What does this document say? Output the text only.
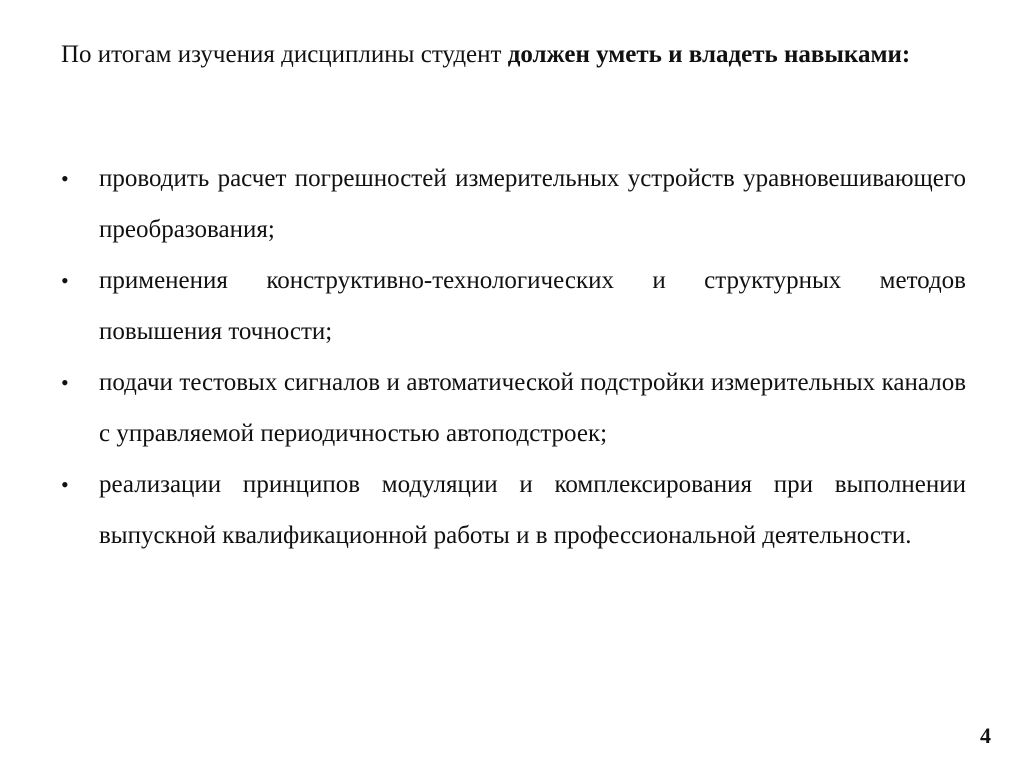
По итогам изучения дисциплины студент должен уметь и владеть навыками:

• проводить расчет погрешностей измерительных устройств уравновешивающего преобразования;
• применения конструктивно-технологических и структурных методов повышения точности;
• подачи тестовых сигналов и автоматической подстройки измерительных каналов с управляемой периодичностью автоподстроек;
• реализации принципов модуляции и комплексирования при выполнении выпускной квалификационной работы и в профессиональной деятельности.
4
